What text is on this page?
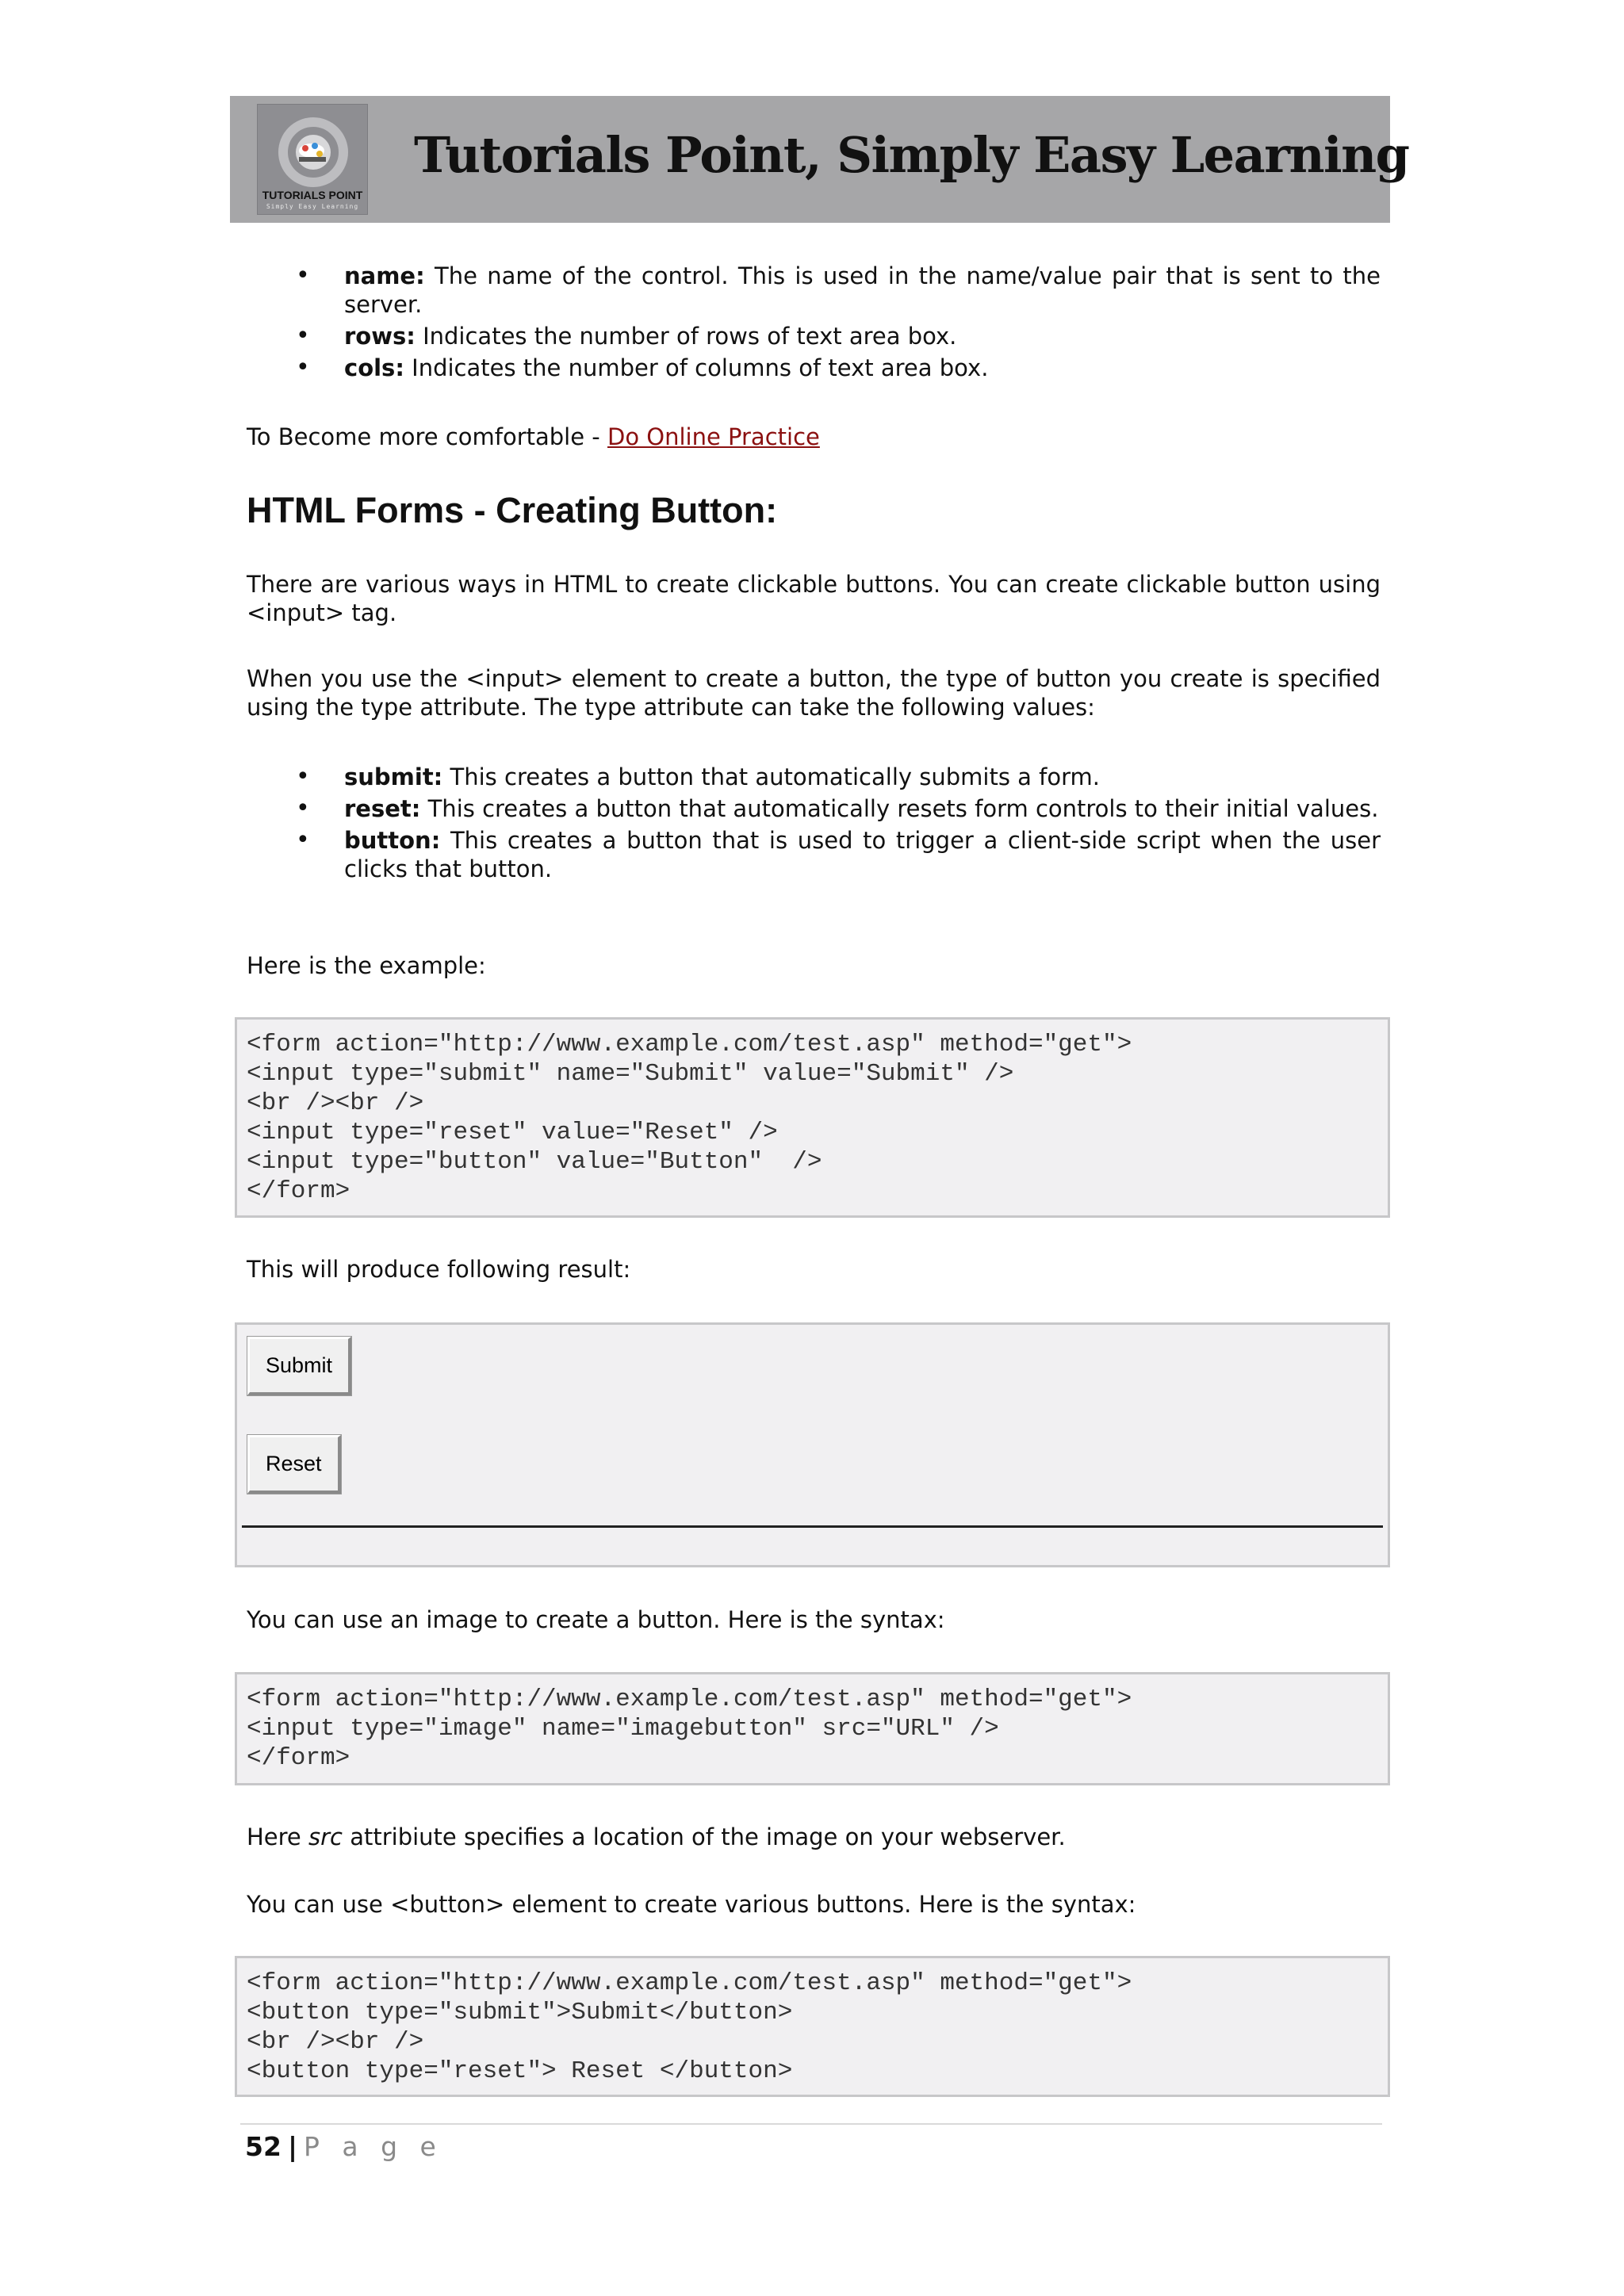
TUTORIALS POINT
Simply Easy Learning
Tutorials Point, Simply Easy Learning
• name: The name of the control. This is used in the name/value pair that is sent to the server.
• rows: Indicates the number of rows of text area box.
• cols: Indicates the number of columns of text area box.

To Become more comfortable - Do Online Practice

HTML Forms - Creating Button:

There are various ways in HTML to create clickable buttons. You can create clickable button using <input> tag.

When you use the <input> element to create a button, the type of button you create is specified using the type attribute. The type attribute can take the following values:

• submit: This creates a button that automatically submits a form.
• reset: This creates a button that automatically resets form controls to their initial values.
• button: This creates a button that is used to trigger a client-side script when the user clicks that button.

Here is the example:

<form action="http://www.example.com/test.asp" method="get">
<input type="submit" name="Submit" value="Submit" />
<br /><br />
<input type="reset" value="Reset" />
<input type="button" value="Button"  />
</form>

This will produce following result:

Submit
Reset

You can use an image to create a button. Here is the syntax:

<form action="http://www.example.com/test.asp" method="get">
<input type="image" name="imagebutton" src="URL" />
</form>

Here src attribiute specifies a location of the image on your webserver.

You can use <button> element to create various buttons. Here is the syntax:

<form action="http://www.example.com/test.asp" method="get">
<button type="submit">Submit</button>
<br /><br />
<button type="reset"> Reset </button>
52 | P a g e
